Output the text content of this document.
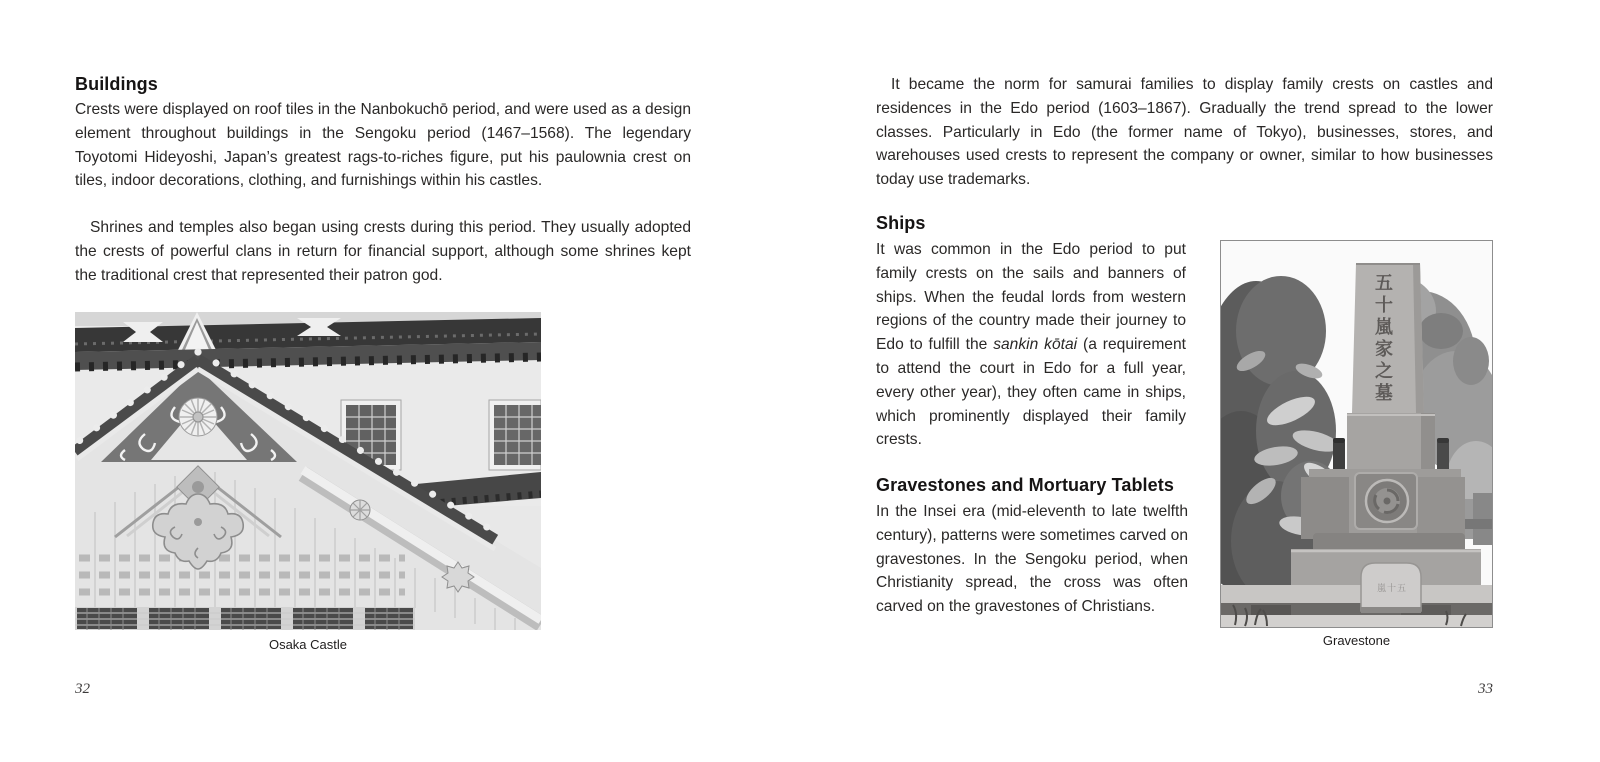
Buildings

Crests were displayed on roof tiles in the Nanbokuchō period, and were used as a design element throughout buildings in the Sengoku period (1467–1568). The legendary Toyotomi Hideyoshi, Japan’s greatest rags-to-riches figure, put his paulownia crest on tiles, indoor decorations, clothing, and furnishings within his castles.

Shrines and temples also began using crests during this period. They usually adopted the crests of powerful clans in return for financial support, although some shrines kept the traditional crest that represented their patron god.

Osaka Castle
32

It became the norm for samurai families to display family crests on castles and residences in the Edo period (1603–1867). Gradually the trend spread to the lower classes. Particularly in Edo (the former name of Tokyo), businesses, stores, and warehouses used crests to represent the company or owner, similar to how businesses today use trademarks.

Ships

It was common in the Edo period to put family crests on the sails and banners of ships. When the feudal lords from western regions of the country made their journey to Edo to fulfill the sankin kōtai (a requirement to attend the court in Edo for a full year, every other year), they often came in ships, which prominently displayed their family crests.

Gravestones and Mortuary Tablets

In the Insei era (mid-eleventh to late twelfth century), patterns were sometimes carved on gravestones. In the Sengoku period, when Christianity spread, the cross was often carved on the gravestones of Christians.

五十嵐家之墓
嵐十五
Gravestone
33
